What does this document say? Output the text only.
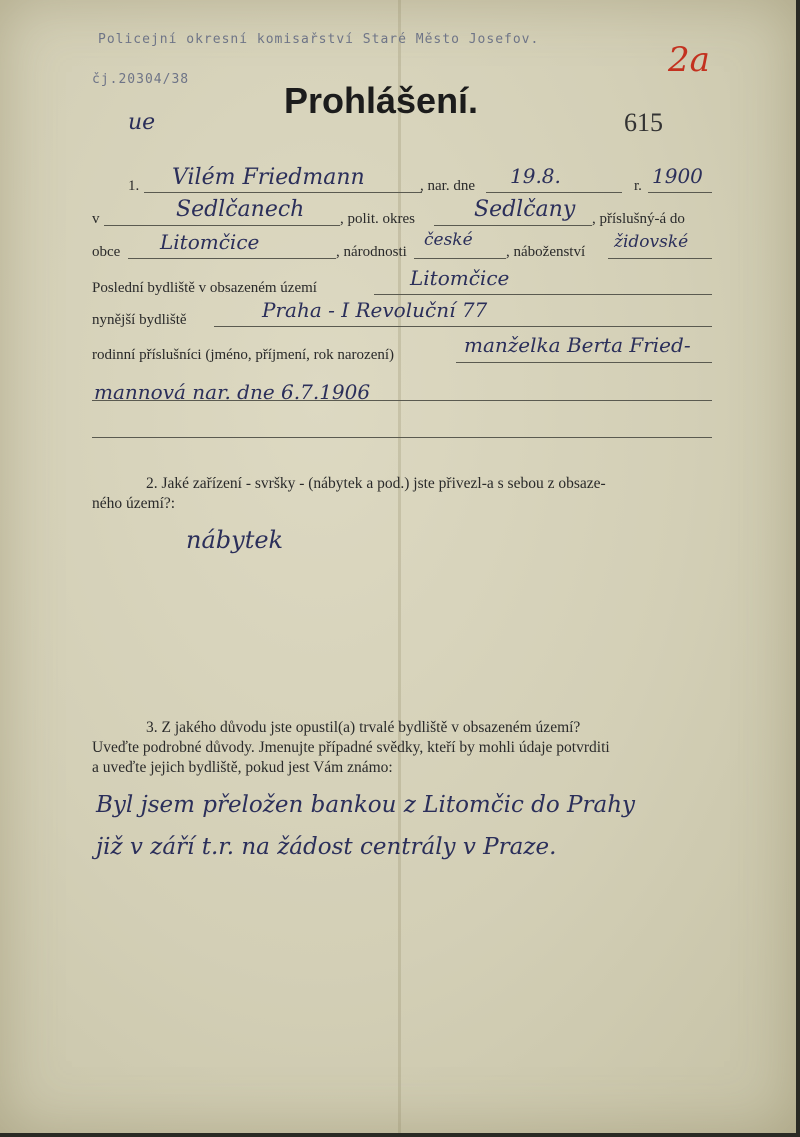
Policejní okresní komisařství Staré Město Josefov.
čj.20304/38	2a
Prohlášení.
615
ue
1. Vilém Friedmann	, nar. dne 19.8.	r. 1900
v	Sedlčanech , polit. okres	Sedlčany , příslušný-á do
obce Litomčice	, národnosti
české
, náboženství židovské
Poslední bydliště v obsazeném území	Litomčice
nynější bydliště	Praha - I Revoluční 77
rodinní příslušníci (jméno, příjmení, rok narození)	manželka Berta Fried-
mannová nar. dne 6.7.1906
2. Jaké zařízení - svršky - (nábytek a pod.) jste přivezl-a s sebou z obsaze-
ného území?:
nábytek
3. Z jakého důvodu jste opustil(a) trvalé bydliště v obsazeném území?
Uveďte podrobné důvody. Jmenujte případné svědky, kteří by mohli údaje potvrditi
a uveďte jejich bydliště, pokud jest Vám známo:
Byl jsem přeložen bankou z Litomčic do Prahy
již v září t.r. na žádost centrály v Praze.
